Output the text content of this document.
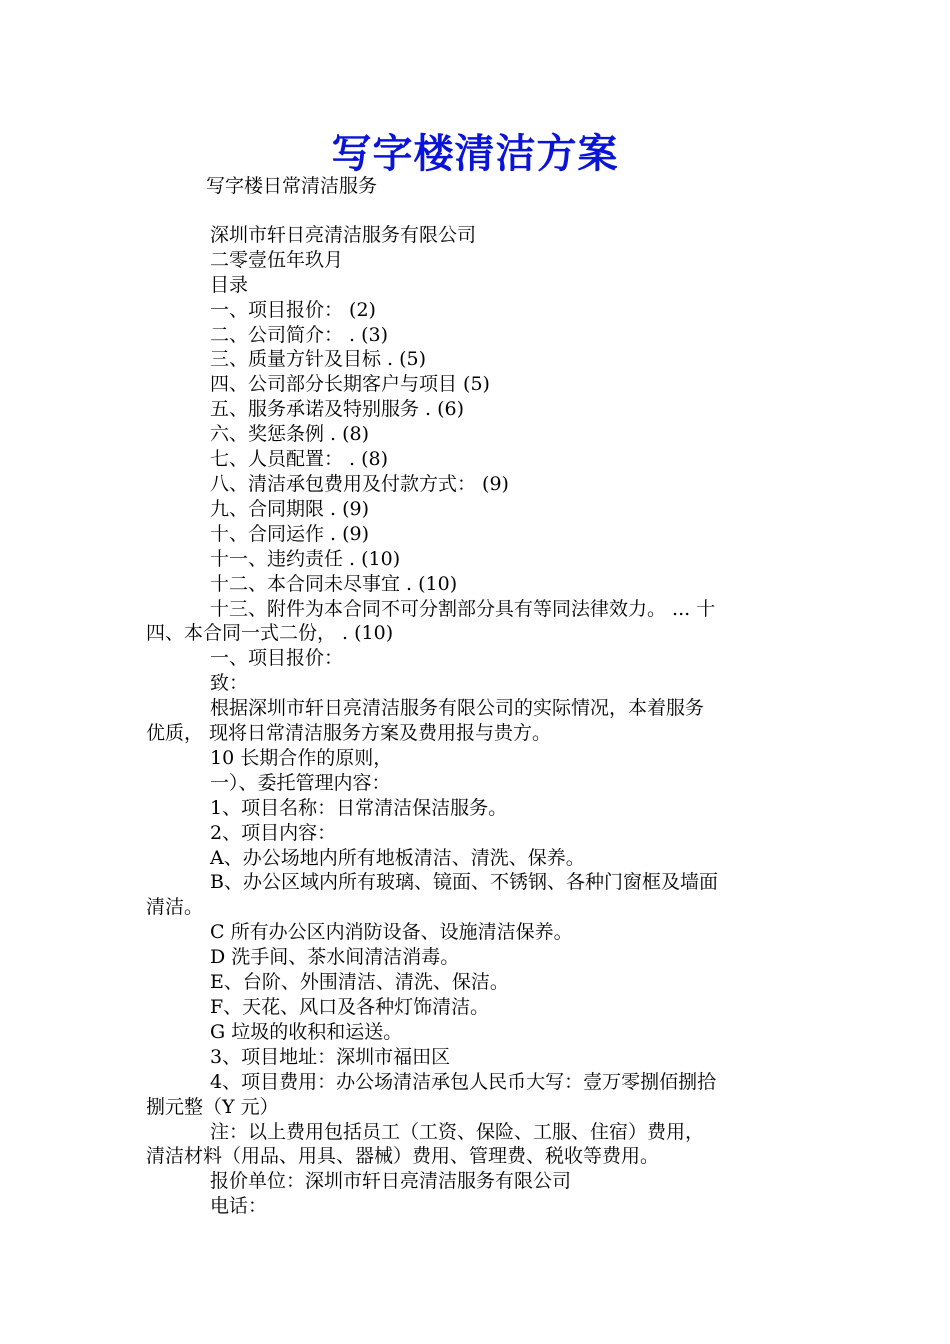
写字楼清洁方案
写字楼日常清洁服务
深圳市轩日亮清洁服务有限公司
二零壹伍年玖月
目录
一、项目报价： (2)
二、公司简介： . (3)
三、质量方针及目标 . (5)
四、公司部分长期客户与项目 (5)
五、服务承诺及特别服务 . (6)
六、奖惩条例 . (8)
七、人员配置： . (8)
八、清洁承包费用及付款方式： (9)
九、合同期限 . (9)
十、合同运作 . (9)
十一、违约责任 . (10)
十二、本合同未尽事宜 . (10)
十三、附件为本合同不可分割部分具有等同法律效力。 ... 十
四、本合同一式二份， . (10)
一、项目报价：
致：
根据深圳市轩日亮清洁服务有限公司的实际情况，本着服务
优质， 现将日常清洁服务方案及费用报与贵方。
10 长期合作的原则，
一）、委托管理内容：
1、项目名称：日常清洁保洁服务。
2、项目内容：
A、办公场地内所有地板清洁、清洗、保养。
B、办公区域内所有玻璃、镜面、不锈钢、各种门窗框及墙面
清洁。
C 所有办公区内消防设备、设施清洁保养。
D 洗手间、茶水间清洁消毒。
E、台阶、外围清洁、清洗、保洁。
F、天花、风口及各种灯饰清洁。
G 垃圾的收积和运送。
3、项目地址：深圳市福田区
4、项目费用：办公场清洁承包人民币大写：壹万零捌佰捌拾
捌元整（Y 元）
注：以上费用包括员工（工资、保险、工服、住宿）费用，
清洁材料（用品、用具、器械）费用、管理费、税收等费用。
报价单位：深圳市轩日亮清洁服务有限公司
电话：
